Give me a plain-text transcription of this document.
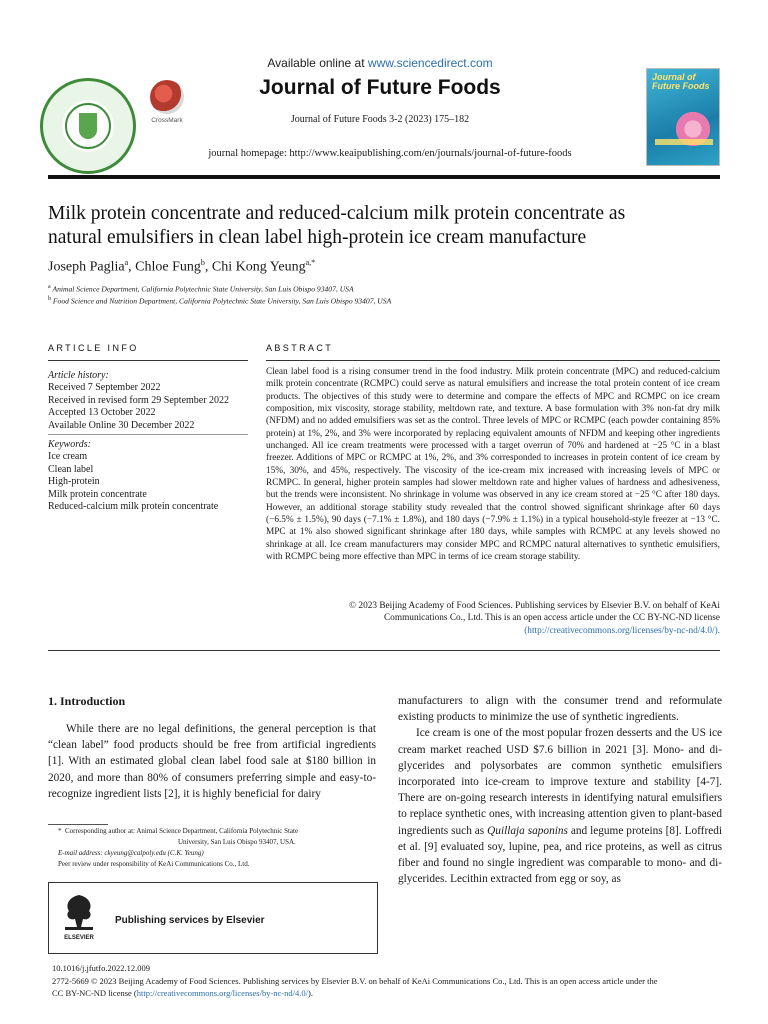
CrossMark
Available online at www.sciencedirect.com
Journal of Future Foods
Journal of Future Foods 3-2 (2023) 175–182
journal homepage: http://www.keaipublishing.com/en/journals/journal-of-future-foods
Journal of Future Foods
Milk protein concentrate and reduced-calcium milk protein concentrate as
natural emulsifiers in clean label high-protein ice cream manufacture
Joseph Paglia$^a$, Chloe Fung$^b$, Chi Kong Yeung$^{a,*}$
$^a$ Animal Science Department, California Polytechnic State University, San Luis Obispo 93407, USA
$^b$ Food Science and Nutrition Department, California Polytechnic State University, San Luis Obispo 93407, USA
ARTICLE INFO	ABSTRACT
Article history:
Received 7 September 2022
Received in revised form 29 September 2022
Accepted 13 October 2022
Available Online 30 December 2022
Keywords:
Ice cream
Clean label
High-protein
Milk protein concentrate
Reduced-calcium milk protein concentrate
Clean label food is a rising consumer trend in the food industry. Milk protein concentrate (MPC) and reduced-calcium milk protein concentrate (RCMPC) could serve as natural emulsifiers and increase the total protein content of ice cream products. The objectives of this study were to determine and compare the effects of MPC and RCMPC on ice cream composition, mix viscosity, storage stability, meltdown rate, and texture. A base formulation with 3% non-fat dry milk (NFDM) and no added emulsifiers was set as the control. Three levels of MPC or RCMPC (each powder containing 85% protein) at 1%, 2%, and 3% were incorporated by replacing equivalent amounts of NFDM and keeping other ingredients unchanged. All ice cream treatments were processed with a target overrun of 70% and hardened at −25 °C in a blast freezer. Additions of MPC or RCMPC at 1%, 2%, and 3% corresponded to increases in protein content of ice cream by 15%, 30%, and 45%, respectively. The viscosity of the ice-cream mix increased with increasing levels of MPC or RCMPC. In general, higher protein samples had slower meltdown rate and higher values of hardness and adhesiveness, but the trends were inconsistent. No shrinkage in volume was observed in any ice cream stored at −25 °C after 180 days. However, an additional storage stability study revealed that the control showed significant shrinkage after 60 days (−6.5% ± 1.5%), 90 days (−7.1% ± 1.8%), and 180 days (−7.9% ± 1.1%) in a typical household-style freezer at −13 °C. MPC at 1% also showed significant shrinkage after 180 days, while samples with RCMPC at any levels showed no shrinkage at all. Ice cream manufacturers may consider MPC and RCMPC natural alternatives to synthetic emulsifiers, with RCMPC being more effective than MPC in terms of ice cream storage stability.
© 2023 Beijing Academy of Food Sciences. Publishing services by Elsevier B.V. on behalf of KeAi
Communications Co., Ltd. This is an open access article under the CC BY-NC-ND license
(http://creativecommons.org/licenses/by-nc-nd/4.0/).
1. Introduction

While there are no legal definitions, the general perception is that “clean label” food products should be free from artificial ingredients [1]. With an estimated global clean label food sale at $180 billion in 2020, and more than 80% of consumers preferring simple and easy-to-recognize ingredient lists [2], it is highly beneficial for dairy

manufacturers to align with the consumer trend and reformulate existing products to minimize the use of synthetic ingredients.

Ice cream is one of the most popular frozen desserts and the US ice cream market reached USD $7.6 billion in 2021 [3]. Mono- and di-glycerides and polysorbates are common synthetic emulsifiers incorporated into ice-cream to improve texture and stability [4-7]. There are on-going research interests in identifying natural emulsifiers to replace synthetic ones, with increasing attention given to plant-based ingredients such as Quillaja saponins and legume proteins [8]. Loffredi et al. [9] evaluated soy, lupine, pea, and rice proteins, as well as citrus fiber and found no single ingredient was comparable to mono- and di-glycerides. Lecithin extracted from egg or soy, as

* Corresponding author at: Animal Science Department, California Polytechnic State
University, San Luis Obispo 93407, USA.
E-mail address: ckyeung@calpoly.edu (C.K. Yeung)
Peer review under responsibility of KeAi Communications Co., Ltd.
ELSEVIER
Publishing services by Elsevier
10.1016/j.jfutfo.2022.12.009
2772-5669 © 2023 Beijing Academy of Food Sciences. Publishing services by Elsevier B.V. on behalf of KeAi Communications Co., Ltd. This is an open access article under the
CC BY-NC-ND license (http://creativecommons.org/licenses/by-nc-nd/4.0/).
